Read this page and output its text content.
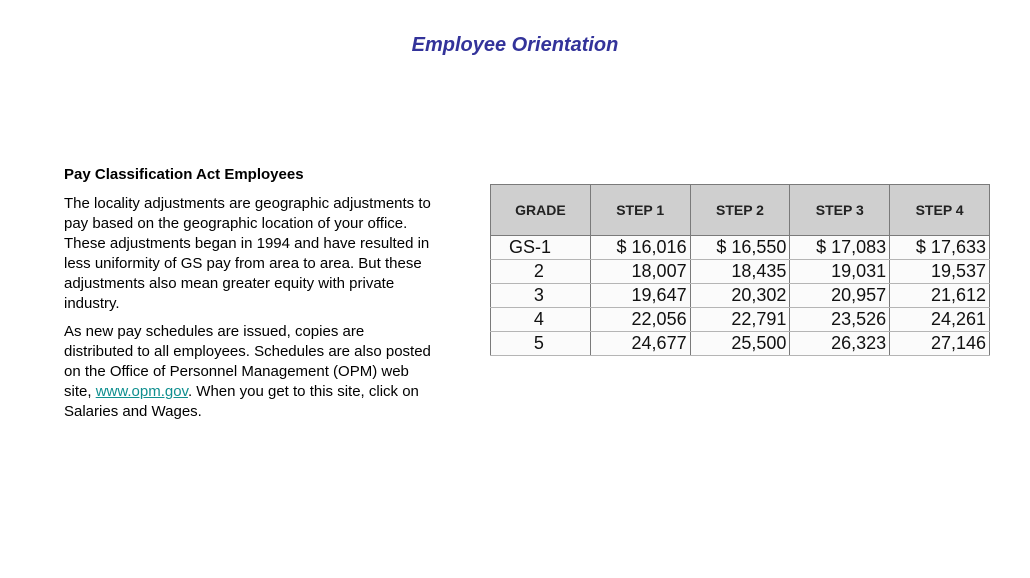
Employee Orientation

Pay Classification Act Employees

The locality adjustments are geographic adjustments to pay based on the geographic location of your office. These adjustments began in 1994 and have resulted in less uniformity of GS pay from area to area. But these adjustments also mean greater equity with private industry.

As new pay schedules are issued, copies are distributed to all employees. Schedules are also posted on the Office of Personnel Management (OPM) web site, www.opm.gov. When you get to this site, click on Salaries and Wages.

GRADE	STEP 1	STEP 2	STEP 3	STEP 4
GS-1	$ 16,016	$ 16,550	$ 17,083	$ 17,633
2	18,007	18,435	19,031	19,537
3	19,647	20,302	20,957	21,612
4	22,056	22,791	23,526	24,261
5	24,677	25,500	26,323	27,146
